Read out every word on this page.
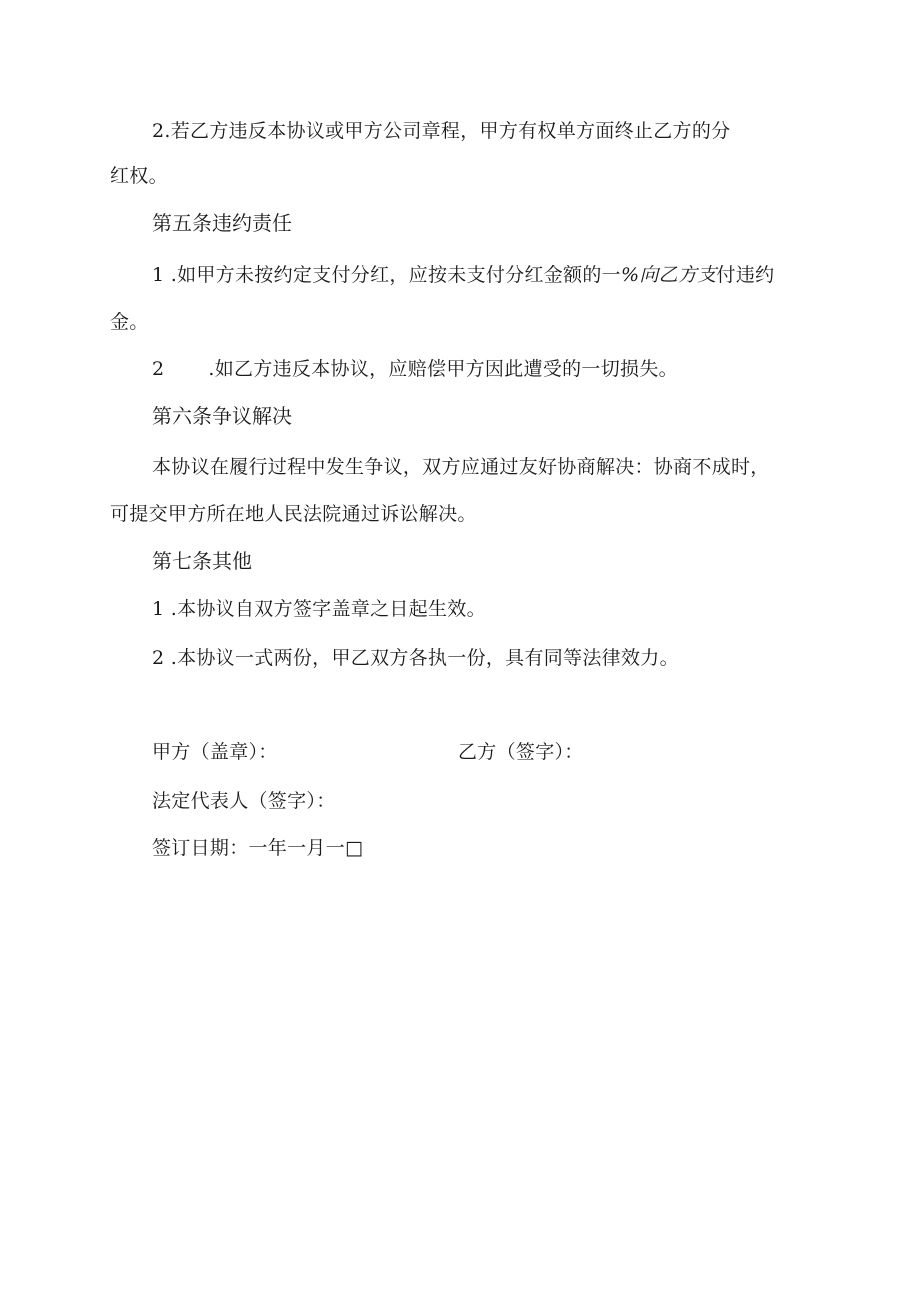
2.若乙方违反本协议或甲方公司章程，甲方有权单方面终止乙方的分
红权。
第五条违约责任
1 .如甲方未按约定支付分红，应按未支付分红金额的一%向乙方支付违约
金。
2 .如乙方违反本协议，应赔偿甲方因此遭受的一切损失。
第六条争议解决
本协议在履行过程中发生争议，双方应通过友好协商解决：协商不成时，
可提交甲方所在地人民法院通过诉讼解决。
第七条其他
1 .本协议自双方签字盖章之日起生效。
2 .本协议一式两份，甲乙双方各执一份，具有同等法律效力。
甲方（盖章）：	乙方（签字）：
法定代表人（签字）：
签订日期：一年一月一□
